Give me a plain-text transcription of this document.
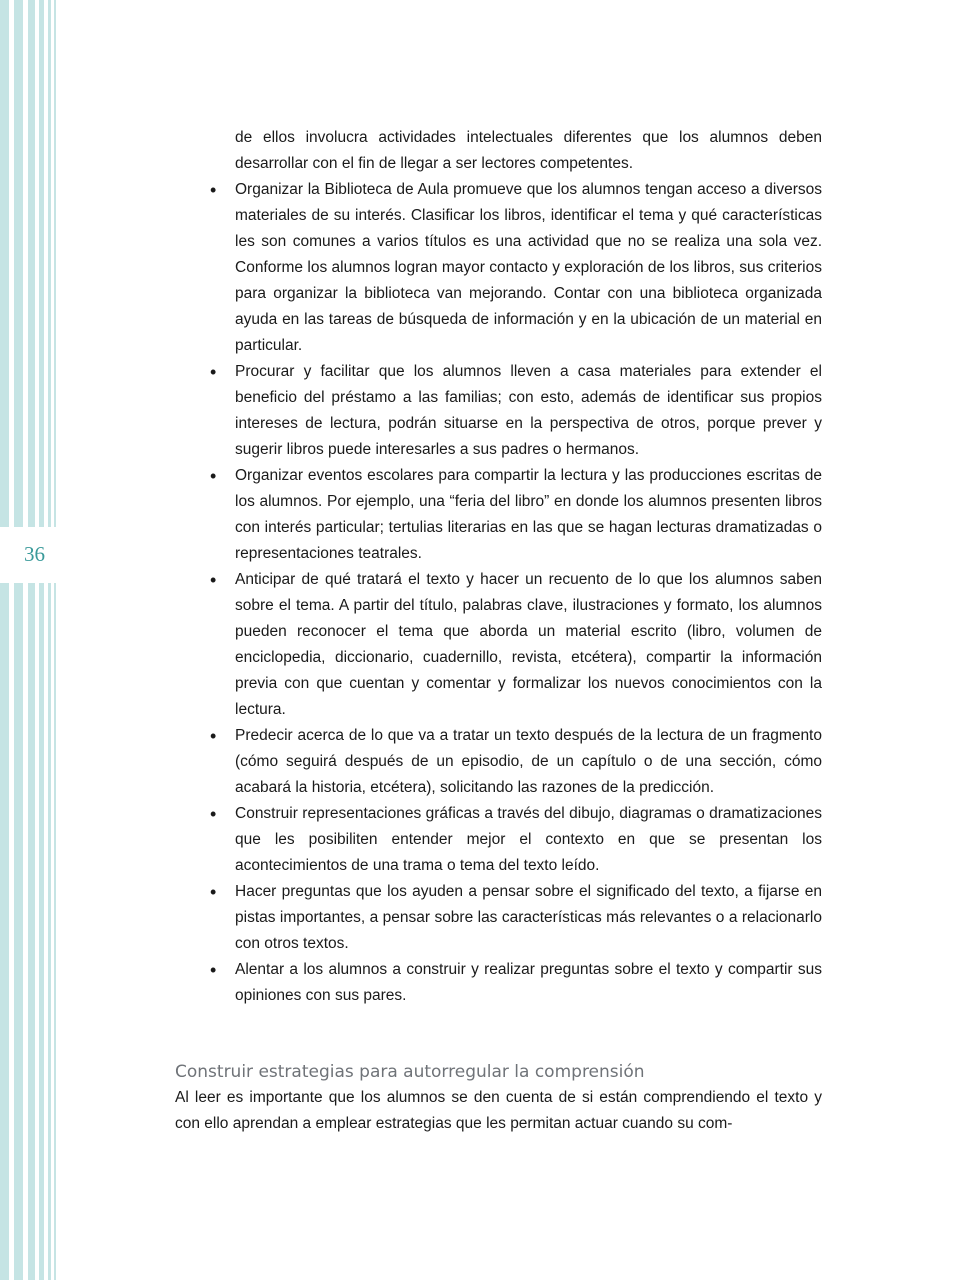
36
de ellos involucra actividades intelectuales diferentes que los alumnos deben desarrollar con el fin de llegar a ser lectores competentes.
• Organizar la Biblioteca de Aula promueve que los alumnos tengan acceso a diversos materiales de su interés. Clasificar los libros, identificar el tema y qué características les son comunes a varios títulos es una actividad que no se realiza una sola vez. Conforme los alumnos logran mayor contacto y exploración de los libros, sus criterios para organizar la biblioteca van mejorando. Contar con una biblioteca organizada ayuda en las tareas de búsqueda de información y en la ubicación de un material en particular.
• Procurar y facilitar que los alumnos lleven a casa materiales para extender el beneficio del préstamo a las familias; con esto, además de identificar sus propios intereses de lectura, podrán situarse en la perspectiva de otros, porque prever y sugerir libros puede interesarles a sus padres o hermanos.
• Organizar eventos escolares para compartir la lectura y las producciones escritas de los alumnos. Por ejemplo, una “feria del libro” en donde los alumnos presenten libros con interés particular; tertulias literarias en las que se hagan lecturas dramatizadas o representaciones teatrales.
• Anticipar de qué tratará el texto y hacer un recuento de lo que los alumnos saben sobre el tema. A partir del título, palabras clave, ilustraciones y formato, los alumnos pueden reconocer el tema que aborda un material escrito (libro, volumen de enciclopedia, diccionario, cuadernillo, revista, etcétera), compartir la información previa con que cuentan y comentar y formalizar los nuevos conocimientos con la lectura.
• Predecir acerca de lo que va a tratar un texto después de la lectura de un fragmento (cómo seguirá después de un episodio, de un capítulo o de una sección, cómo acabará la historia, etcétera), solicitando las razones de la predicción.
• Construir representaciones gráficas a través del dibujo, diagramas o dramatizaciones que les posibiliten entender mejor el contexto en que se presentan los acontecimientos de una trama o tema del texto leído.
• Hacer preguntas que los ayuden a pensar sobre el significado del texto, a fijarse en pistas importantes, a pensar sobre las características más relevantes o a relacionarlo con otros textos.
• Alentar a los alumnos a construir y realizar preguntas sobre el texto y compartir sus opiniones con sus pares.
Construir estrategias para autorregular la comprensión

Al leer es importante que los alumnos se den cuenta de si están comprendiendo el texto y con ello aprendan a emplear estrategias que les permitan actuar cuando su com-
